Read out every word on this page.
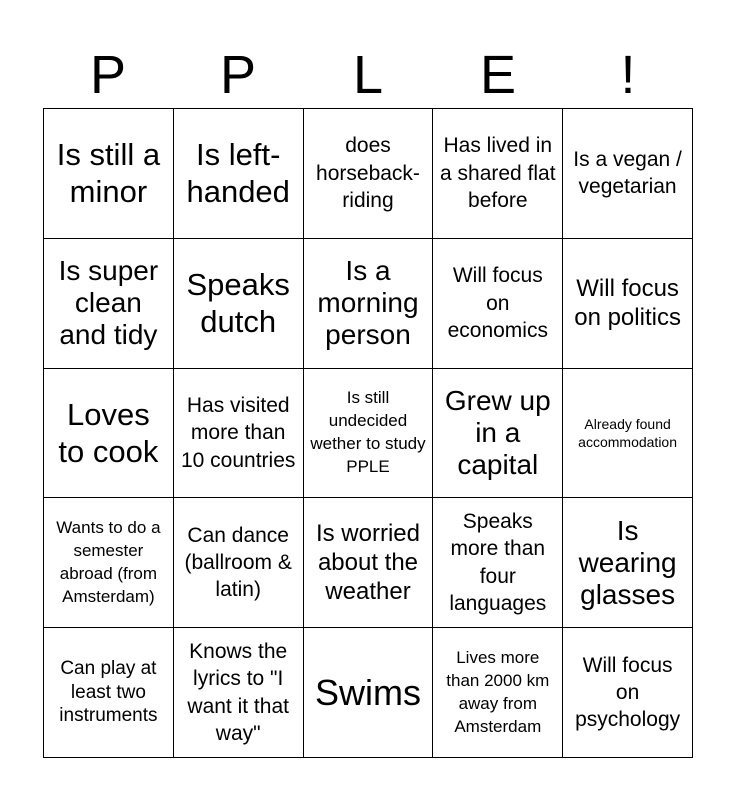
P	P	L	E	!
Is still a minor
Is left-handed
does horseback-riding
Has lived in a shared flat before
Is a vegan / vegetarian
Is super clean and tidy
Speaks dutch
Is a morning person
Will focus on economics
Will focus on politics
Loves to cook
Has visited more than 10 countries
Is still undecided wether to study PPLE
Grew up in a capital
Already found accommodation
Wants to do a semester abroad (from Amsterdam)
Can dance (ballroom & latin)
Is worried about the weather
Speaks more than four languages
Is wearing glasses
Can play at least two instruments
Knows the lyrics to "I want it that way"
Swims
Lives more than 2000 km away from Amsterdam
Will focus on psychology
